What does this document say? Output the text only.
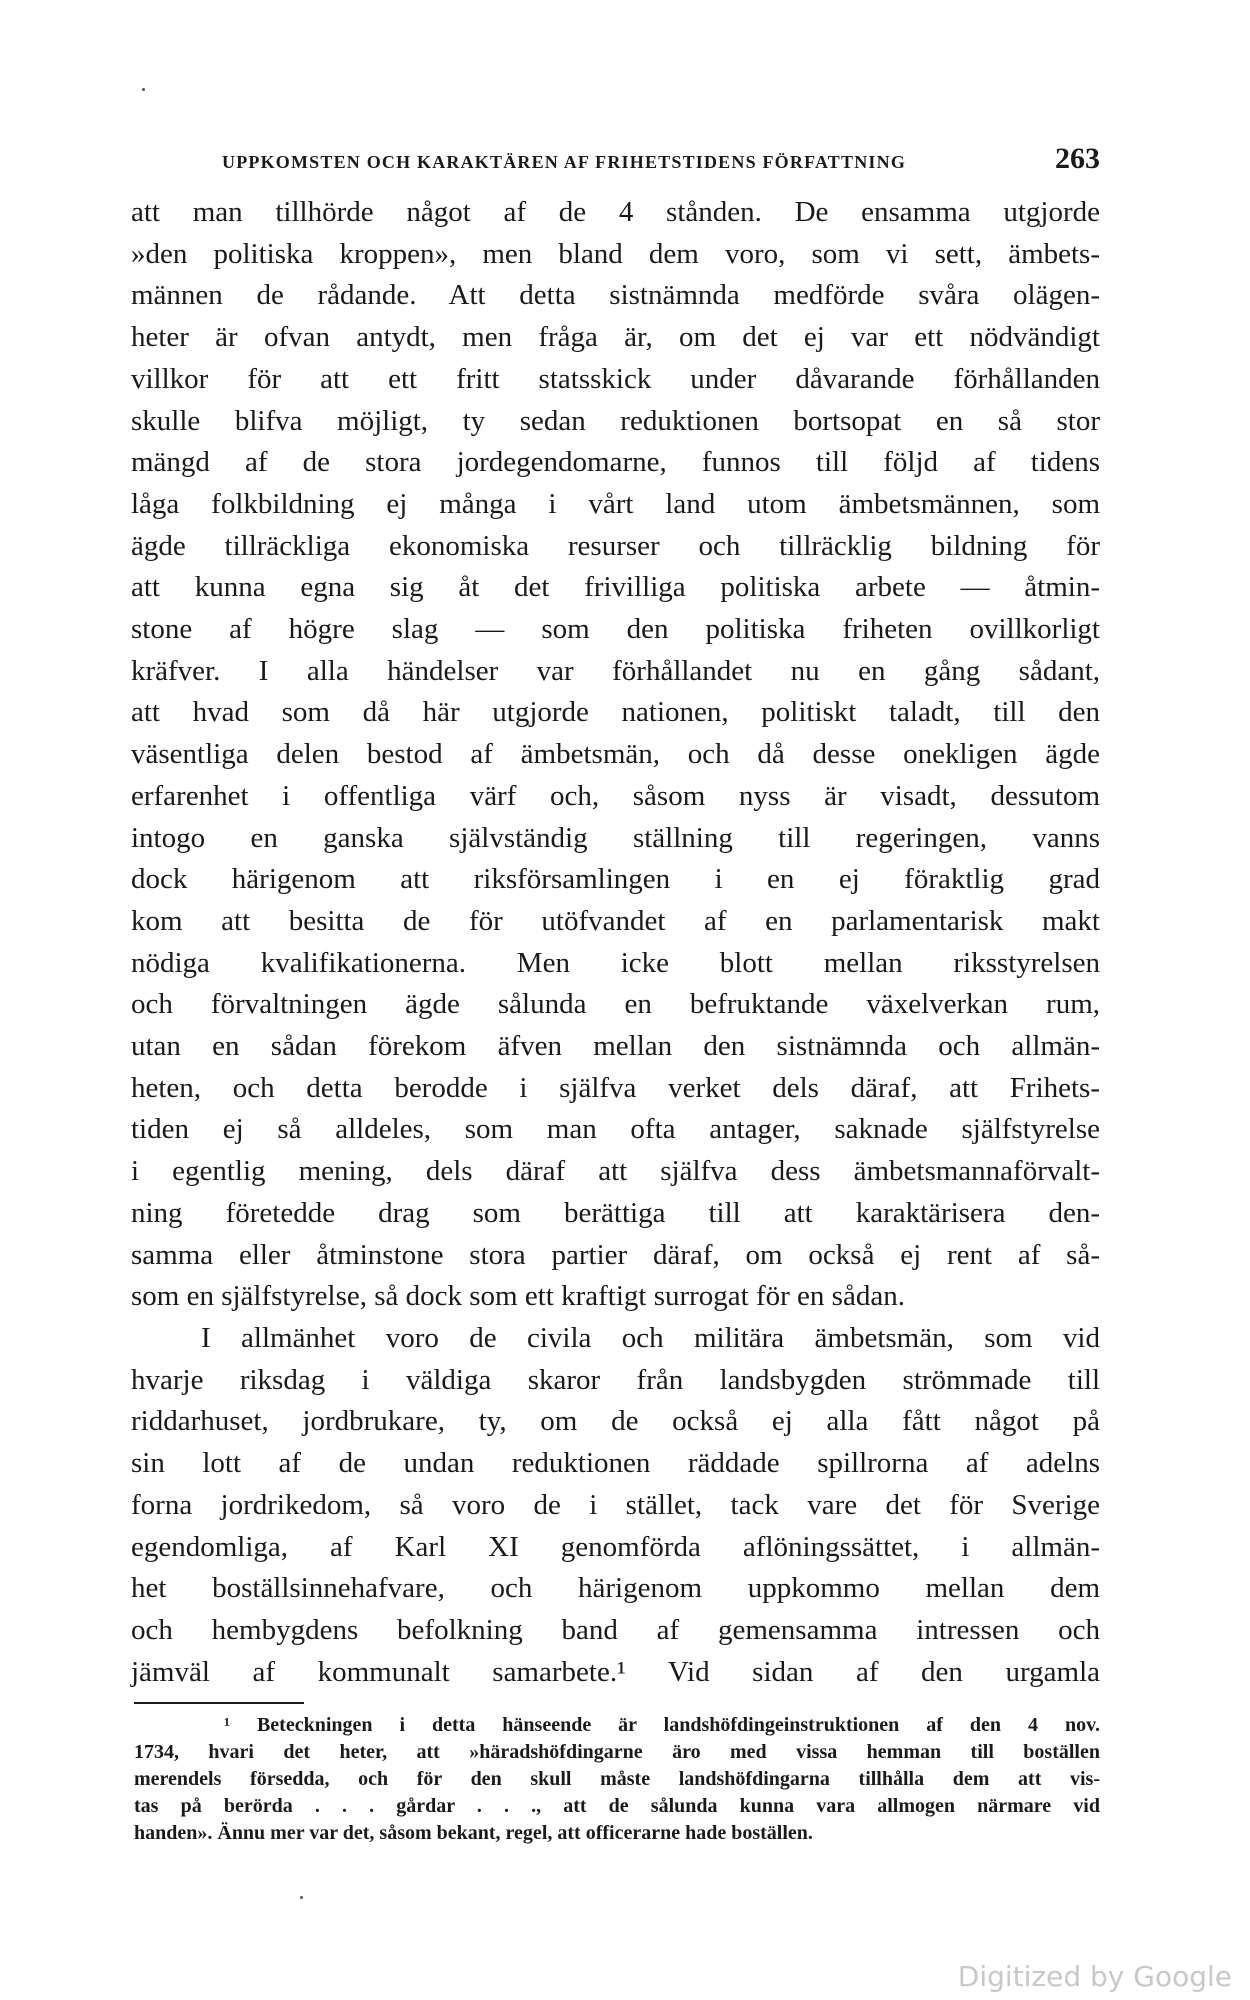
UPPKOMSTEN OCH KARAKTÄREN AF FRIHETSTIDENS FÖRFATTNING	263
att man tillhörde något af de 4 stånden. De ensamma utgjorde
»den politiska kroppen», men bland dem voro, som vi sett, ämbets-
männen de rådande. Att detta sistnämnda medförde svåra olägen-
heter är ofvan antydt, men fråga är, om det ej var ett nödvändigt
villkor för att ett fritt statsskick under dåvarande förhållanden
skulle blifva möjligt, ty sedan reduktionen bortsopat en så stor
mängd af de stora jordegendomarne, funnos till följd af tidens
låga folkbildning ej många i vårt land utom ämbetsmännen, som
ägde tillräckliga ekonomiska resurser och tillräcklig bildning för
att kunna egna sig åt det frivilliga politiska arbete — åtmin-
stone af högre slag — som den politiska friheten ovillkorligt
kräfver. I alla händelser var förhållandet nu en gång sådant,
att hvad som då här utgjorde nationen, politiskt taladt, till den
väsentliga delen bestod af ämbetsmän, och då desse onekligen ägde
erfarenhet i offentliga värf och, såsom nyss är visadt, dessutom
intogo en ganska självständig ställning till regeringen, vanns
dock härigenom att riksförsamlingen i en ej föraktlig grad
kom att besitta de för utöfvandet af en parlamentarisk makt
nödiga kvalifikationerna. Men icke blott mellan riksstyrelsen
och förvaltningen ägde sålunda en befruktande växelverkan rum,
utan en sådan förekom äfven mellan den sistnämnda och allmän-
heten, och detta berodde i själfva verket dels däraf, att Frihets-
tiden ej så alldeles, som man ofta antager, saknade själfstyrelse
i egentlig mening, dels däraf att själfva dess ämbetsmannaförvalt-
ning företedde drag som berättiga till att karaktärisera den-
samma eller åtminstone stora partier däraf, om också ej rent af så-
som en själfstyrelse, så dock som ett kraftigt surrogat för en sådan.
I allmänhet voro de civila och militära ämbetsmän, som vid
hvarje riksdag i väldiga skaror från landsbygden strömmade till
riddarhuset, jordbrukare, ty, om de också ej alla fått något på
sin lott af de undan reduktionen räddade spillrorna af adelns
forna jordrikedom, så voro de i stället, tack vare det för Sverige
egendomliga, af Karl XI genomförda aflöningssättet, i allmän-
het boställsinnehafvare, och härigenom uppkommo mellan dem
och hembygdens befolkning band af gemensamma intressen och
jämväl af kommunalt samarbete.¹ Vid sidan af den urgamla
¹ Beteckningen i detta hänseende är landshöfdingeinstruktionen af den 4 nov.
1734, hvari det heter, att »häradshöfdingarne äro med vissa hemman till boställen
merendels försedda, och för den skull måste landshöfdingarna tillhålla dem att vis-
tas på berörda . . . gårdar . . ., att de sålunda kunna vara allmogen närmare vid
handen». Ännu mer var det, såsom bekant, regel, att officerarne hade boställen.
Digitized by Google
